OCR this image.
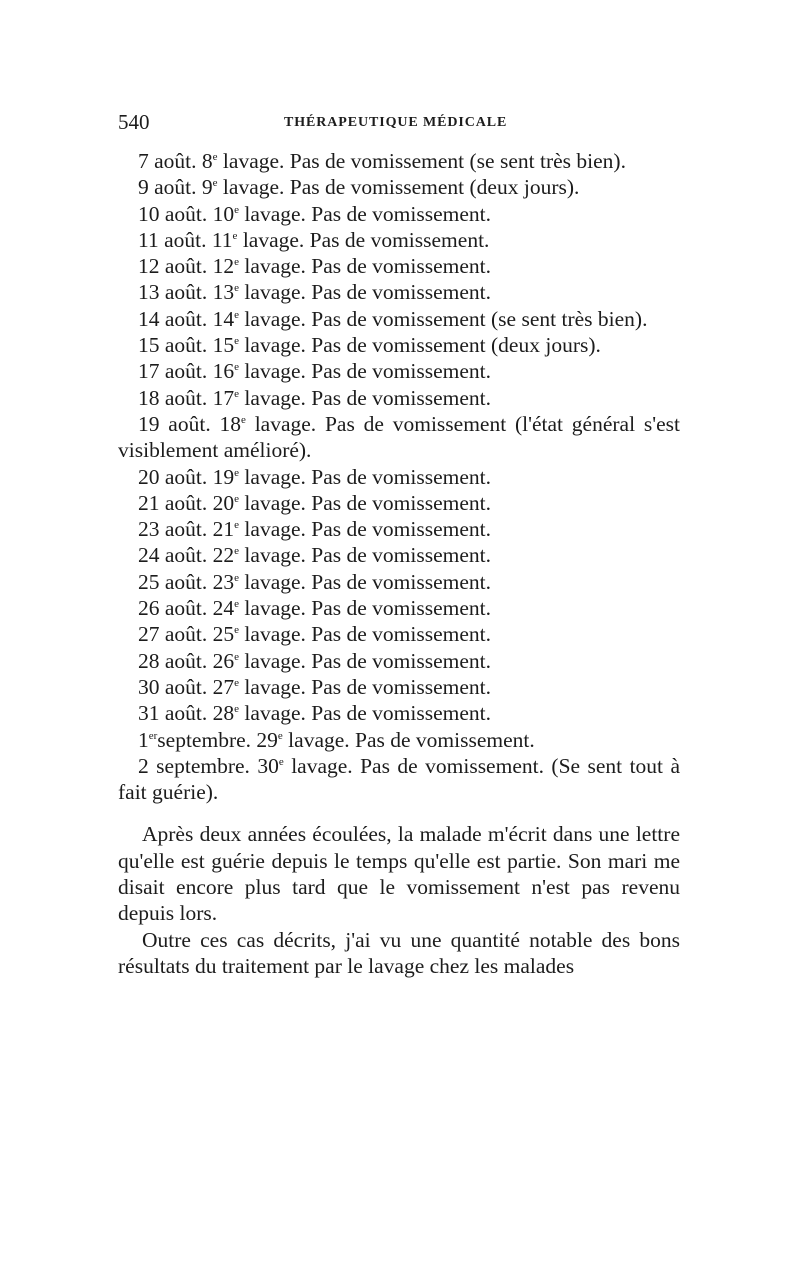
540	THÉRAPEUTIQUE MÉDICALE

7 août. 8e lavage. Pas de vomissement (se sent très bien).

9 août. 9e lavage. Pas de vomissement (deux jours).

10 août. 10e lavage. Pas de vomissement.

11 août. 11e lavage. Pas de vomissement.

12 août. 12e lavage. Pas de vomissement.

13 août. 13e lavage. Pas de vomissement.

14 août. 14e lavage. Pas de vomissement (se sent très bien).

15 août. 15e lavage. Pas de vomissement (deux jours).

17 août. 16e lavage. Pas de vomissement.

18 août. 17e lavage. Pas de vomissement.

19 août. 18e lavage. Pas de vomissement (l'état général s'est visiblement amélioré).

20 août. 19e lavage. Pas de vomissement.

21 août. 20e lavage. Pas de vomissement.

23 août. 21e lavage. Pas de vomissement.

24 août. 22e lavage. Pas de vomissement.

25 août. 23e lavage. Pas de vomissement.

26 août. 24e lavage. Pas de vomissement.

27 août. 25e lavage. Pas de vomissement.

28 août. 26e lavage. Pas de vomissement.

30 août. 27e lavage. Pas de vomissement.

31 août. 28e lavage. Pas de vomissement.

1erseptembre. 29e lavage. Pas de vomissement.

2 septembre. 30e lavage. Pas de vomissement. (Se sent tout à fait guérie).

Après deux années écoulées, la malade m'écrit dans une lettre qu'elle est guérie depuis le temps qu'elle est partie. Son mari me disait encore plus tard que le vomissement n'est pas revenu depuis lors.

Outre ces cas décrits, j'ai vu une quantité notable des bons résultats du traitement par le lavage chez les malades
